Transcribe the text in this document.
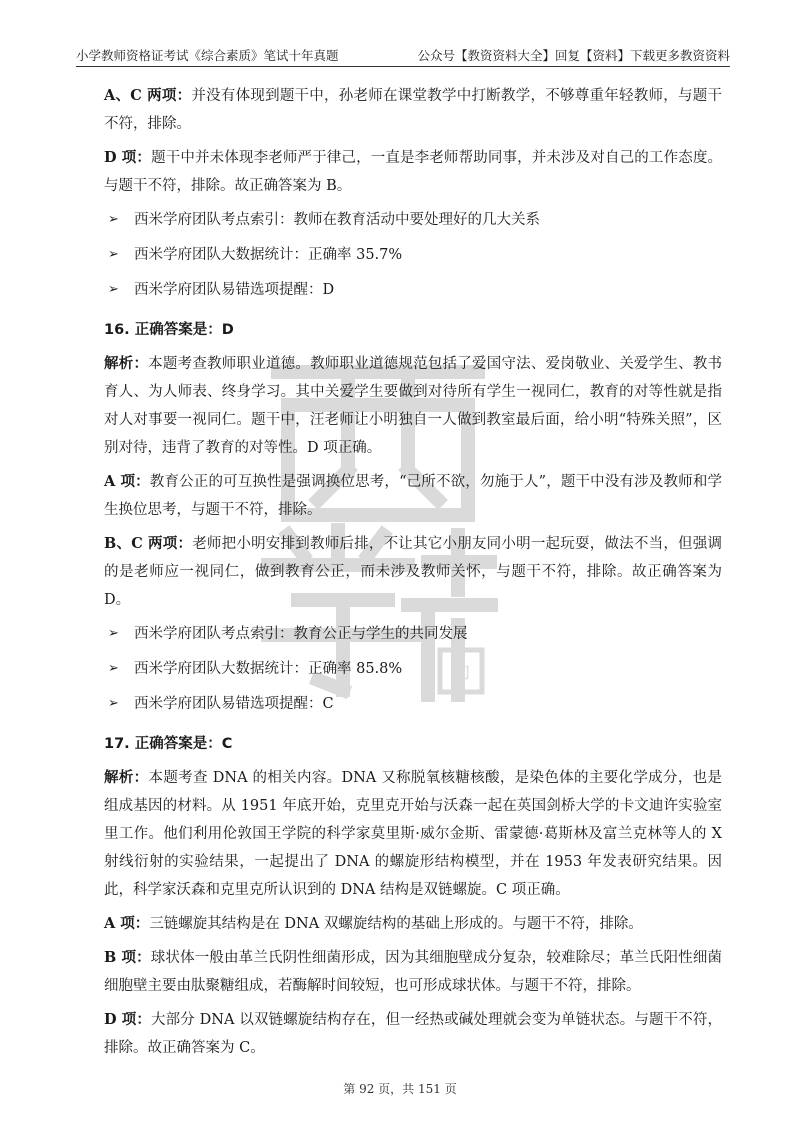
印
小学教师资格证考试《综合素质》笔试十年真题	公众号【教资资料大全】回复【资料】下载更多教资资料

A、C 两项：并没有体现到题干中，孙老师在课堂教学中打断教学，不够尊重年轻教师，与题干不符，排除。

D 项：题干中并未体现李老师严于律己，一直是李老师帮助同事，并未涉及对自己的工作态度。与题干不符，排除。故正确答案为 B。

➢	西米学府团队考点索引：教师在教育活动中要处理好的几大关系
➢	西米学府团队大数据统计：正确率 35.7%
➢	西米学府团队易错选项提醒：D
16. 正确答案是：D

解析：本题考查教师职业道德。教师职业道德规范包括了爱国守法、爱岗敬业、关爱学生、教书育人、为人师表、终身学习。其中关爱学生要做到对待所有学生一视同仁，教育的对等性就是指对人对事要一视同仁。题干中，汪老师让小明独自一人做到教室最后面，给小明“特殊关照”，区别对待，违背了教育的对等性。D 项正确。

A 项：教育公正的可互换性是强调换位思考，“己所不欲，勿施于人”，题干中没有涉及教师和学生换位思考，与题干不符，排除。

B、C 两项：老师把小明安排到教师后排，不让其它小朋友同小明一起玩耍，做法不当，但强调的是老师应一视同仁，做到教育公正，而未涉及教师关怀，与题干不符，排除。故正确答案为 D。

➢	西米学府团队考点索引：教育公正与学生的共同发展
➢	西米学府团队大数据统计：正确率 85.8%
➢	西米学府团队易错选项提醒：C
17. 正确答案是：C

解析：本题考查 DNA 的相关内容。DNA 又称脱氧核糖核酸，是染色体的主要化学成分，也是组成基因的材料。从 1951 年底开始，克里克开始与沃森一起在英国剑桥大学的卡文迪许实验室里工作。他们利用伦敦国王学院的科学家莫里斯·威尔金斯、雷蒙德·葛斯林及富兰克林等人的 X 射线衍射的实验结果，一起提出了 DNA 的螺旋形结构模型，并在 1953 年发表研究结果。因此，科学家沃森和克里克所认识到的 DNA 结构是双链螺旋。C 项正确。

A 项：三链螺旋其结构是在 DNA 双螺旋结构的基础上形成的。与题干不符，排除。

B 项：球状体一般由革兰氏阴性细菌形成，因为其细胞壁成分复杂，较难除尽；革兰氏阳性细菌细胞壁主要由肽聚糖组成，若酶解时间较短，也可形成球状体。与题干不符，排除。

D 项：大部分 DNA 以双链螺旋结构存在，但一经热或碱处理就会变为单链状态。与题干不符，排除。故正确答案为 C。

第 92 页，共 151 页
